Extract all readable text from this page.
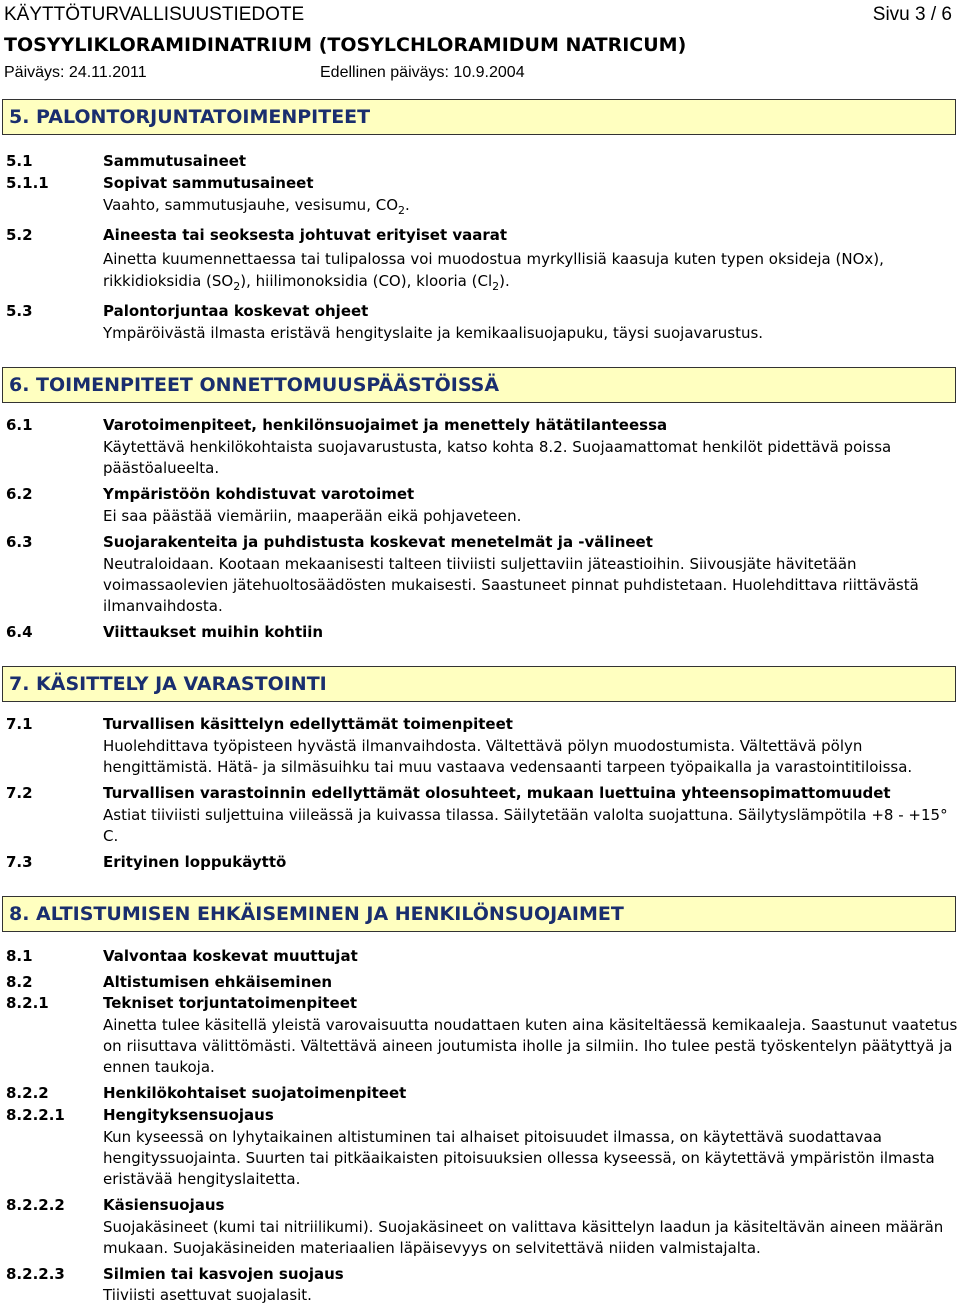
KÄYTTÖTURVALLISUUSTIEDOTE	Sivu 3 / 6
TOSYYLIKLORAMIDINATRIUM (TOSYLCHLORAMIDUM NATRICUM)
Päiväys: 24.11.2011	Edellinen päiväys: 10.9.2004
5. PALONTORJUNTATOIMENPITEET
5.1	Sammutusaineet
5.1.1	Sopivat sammutusaineet
Vaahto, sammutusjauhe, vesisumu, $CO_2$.
5.2	Aineesta tai seoksesta johtuvat erityiset vaarat
Ainetta kuumennettaessa tai tulipalossa voi muodostua myrkyllisiä kaasuja kuten typen oksideja (NOx),
rikkidioksidia $(SO_2)$, hiilimonoksidia (CO), klooria $(Cl_2)$.
5.3	Palontorjuntaa koskevat ohjeet
Ympäröivästä ilmasta eristävä hengityslaite ja kemikaalisuojapuku, täysi suojavarustus.
6. TOIMENPITEET ONNETTOMUUSPÄÄSTÖISSÄ
6.1	Varotoimenpiteet, henkilönsuojaimet ja menettely hätätilanteessa
Käytettävä henkilökohtaista suojavarustusta, katso kohta 8.2. Suojaamattomat henkilöt pidettävä poissa
päästöalueelta.
6.2	Ympäristöön kohdistuvat varotoimet
Ei saa päästää viemäriin, maaperään eikä pohjaveteen.
6.3	Suojarakenteita ja puhdistusta koskevat menetelmät ja -välineet
Neutraloidaan. Kootaan mekaanisesti talteen tiiviisti suljettaviin jäteastioihin. Siivousjäte hävitetään
voimassaolevien jätehuoltosäädösten mukaisesti. Saastuneet pinnat puhdistetaan. Huolehdittava riittävästä
ilmanvaihdosta.
6.4	Viittaukset muihin kohtiin
7. KÄSITTELY JA VARASTOINTI
7.1	Turvallisen käsittelyn edellyttämät toimenpiteet
Huolehdittava työpisteen hyvästä ilmanvaihdosta. Vältettävä pölyn muodostumista. Vältettävä pölyn
hengittämistä. Hätä- ja silmäsuihku tai muu vastaava vedensaanti tarpeen työpaikalla ja varastointitiloissa.
7.2	Turvallisen varastoinnin edellyttämät olosuhteet, mukaan luettuina yhteensopimattomuudet
Astiat tiiviisti suljettuina viileässä ja kuivassa tilassa. Säilytetään valolta suojattuna. Säilytyslämpötila +8 - +15°
C.
7.3	Erityinen loppukäyttö
8. ALTISTUMISEN EHKÄISEMINEN JA HENKILÖNSUOJAIMET
8.1	Valvontaa koskevat muuttujat
8.2	Altistumisen ehkäiseminen
8.2.1	Tekniset torjuntatoimenpiteet
Ainetta tulee käsitellä yleistä varovaisuutta noudattaen kuten aina käsiteltäessä kemikaaleja. Saastunut vaatetus
on riisuttava välittömästi. Vältettävä aineen joutumista iholle ja silmiin. Iho tulee pestä työskentelyn päätyttyä ja
ennen taukoja.
8.2.2	Henkilökohtaiset suojatoimenpiteet
8.2.2.1	Hengityksensuojaus
Kun kyseessä on lyhytaikainen altistuminen tai alhaiset pitoisuudet ilmassa, on käytettävä suodattavaa
hengityssuojainta. Suurten tai pitkäaikaisten pitoisuuksien ollessa kyseessä, on käytettävä ympäristön ilmasta
eristävää hengityslaitetta.
8.2.2.2	Käsiensuojaus
Suojakäsineet (kumi tai nitriilikumi). Suojakäsineet on valittava käsittelyn laadun ja käsiteltävän aineen määrän
mukaan. Suojakäsineiden materiaalien läpäisevyys on selvitettävä niiden valmistajalta.
8.2.2.3	Silmien tai kasvojen suojaus
Tiiviisti asettuvat suojalasit.
